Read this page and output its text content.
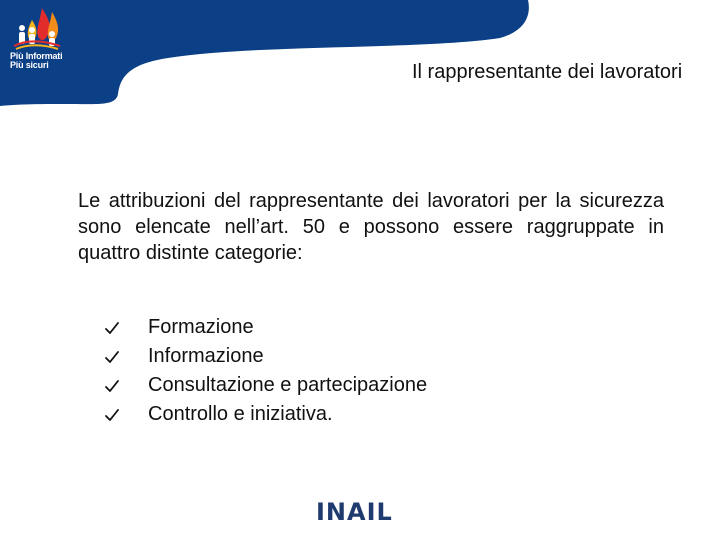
Più Informati
Più sicuri	Il rappresentante dei lavoratori
Le attribuzioni del rappresentante dei lavoratori per la sicurezza sono elencate nell’art. 50 e possono essere raggruppate in quattro distinte categorie:
Formazione
Informazione
Consultazione e partecipazione
Controllo e iniziativa.
INAIL
